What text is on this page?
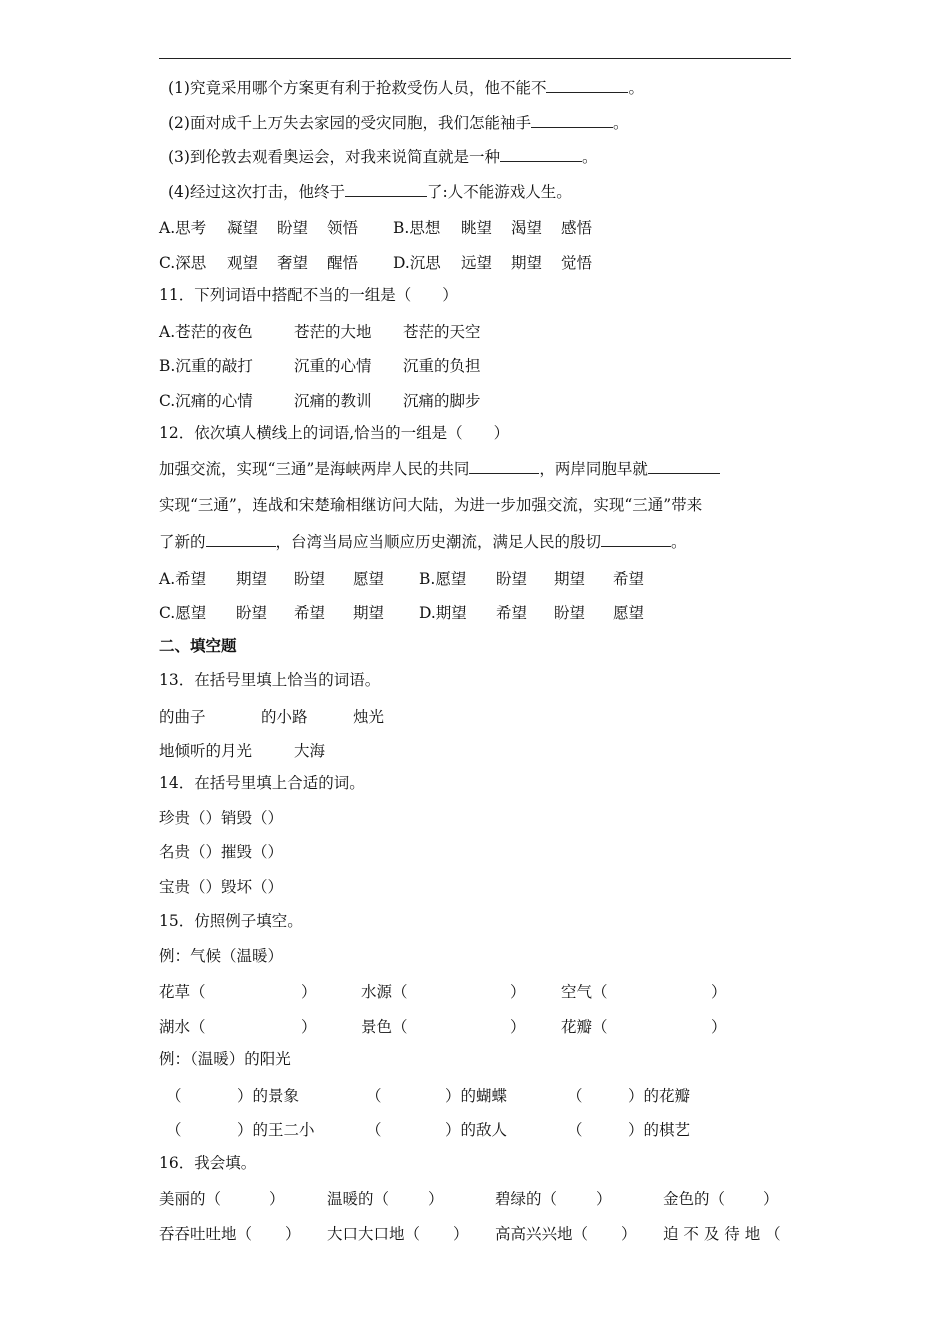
(1)究竟采用哪个方案更有利于抢救受伤人员，他不能不	。
(2)面对成千上万失去家园的受灾同胞，我们怎能袖手	。
(3)到伦敦去观看奥运会，对我来说简直就是一种	。
(4)经过这次打击，他终于	了:人不能游戏人生。
A.思考 凝望 盼望 领悟 B.思想 眺望 渴望 感悟
C.深思 观望 奢望 醒悟 D.沉思 远望 期望 觉悟
11．下列词语中搭配不当的一组是（　　）
A.苍茫的夜色	苍茫的大地 苍茫的天空
B.沉重的敲打	沉重的心情 沉重的负担
C.沉痛的心情	沉痛的教训 沉痛的脚步
12．依次填人横线上的词语,恰当的一组是（　　）
加强交流，实现“三通”是海峡两岸人民的共同	，两岸同胞早就
实现“三通”，连战和宋楚瑜相继访问大陆，为进一步加强交流，实现“三通”带来
了新的	，台湾当局应当顺应历史潮流，满足人民的殷切	。
A.希望 期望 盼望 愿望 B.愿望 盼望 期望 希望
C.愿望 盼望 希望 期望 D.期望 希望 盼望 愿望
二、填空题
13．在括号里填上恰当的词语。
的曲子	的小路	烛光
地倾听的月光	大海
14．在括号里填上合适的词。
珍贵（）销毁（）
名贵（）摧毁（）
宝贵（）毁坏（）
15．仿照例子填空。
例：气候（温暖）
花草（	）	水源（	） 空气（	）
湖水（	）	景色（	） 花瓣（	）
例：（温暖）的阳光
（	）的景象	（	）的蝴蝶	（	）的花瓣
（	）的王二小	（	）的敌人	（	）的棋艺
16．我会填。
美丽的（	）	温暖的（	）	碧绿的（	）	金色的（ ）
吞吞吐吐地（ ） 大口大口地（ ） 高高兴兴地（ ） 迫 不 及 待 地 （
